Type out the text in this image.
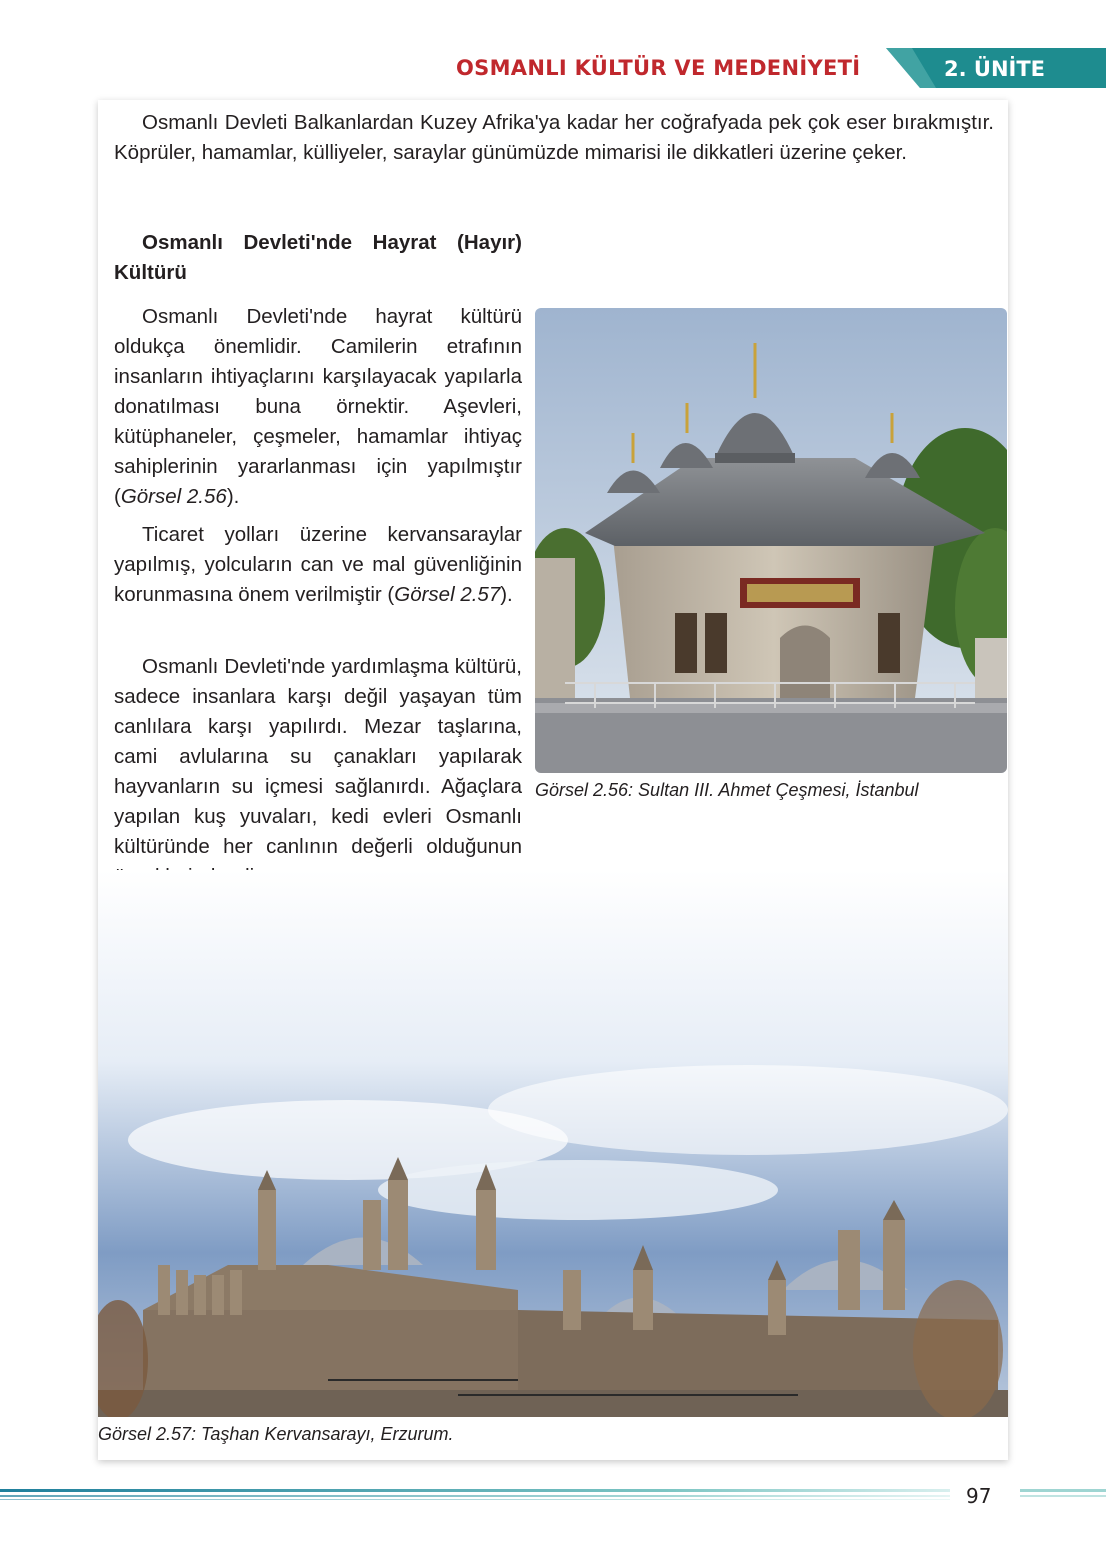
OSMANLI KÜLTÜR VE MEDENİYETİ	2. ÜNİTE

Osmanlı Devleti Balkanlardan Kuzey Afrika'ya kadar her coğrafyada pek çok eser bırakmıştır. Köprüler, hamamlar, külliyeler, saraylar günümüzde mimarisi ile dikkatleri üzerine çeker.

Osmanlı Devleti'nde Hayrat (Hayır) Kültürü

Osmanlı Devleti'nde hayrat kültürü oldukça önemlidir. Camilerin etrafının insanların ihtiyaçlarını karşılayacak yapılarla donatılması buna örnektir. Aşevleri, kütüphaneler, çeşmeler, hamamlar ihtiyaç sahiplerinin yararlanması için yapılmıştır (Görsel 2.56).

Ticaret yolları üzerine kervansaraylar yapılmış, yolcuların can ve mal güvenliğinin korunmasına önem verilmiştir (Görsel 2.57).

Osmanlı Devleti'nde yardımlaşma kültürü, sadece insanlara karşı değil yaşayan tüm canlılara karşı yapılırdı. Mezar taşlarına, cami avlularına su çanakları yapılarak hayvanların su içmesi sağlanırdı. Ağaçlara yapılan kuş yuvaları, kedi evleri Osmanlı kültüründe her canlının değerli olduğunun

Görsel 2.56: Sultan III. Ahmet Çeşmesi, İstanbul
Görsel 2.57: Taşhan Kervansarayı, Erzurum.
97
